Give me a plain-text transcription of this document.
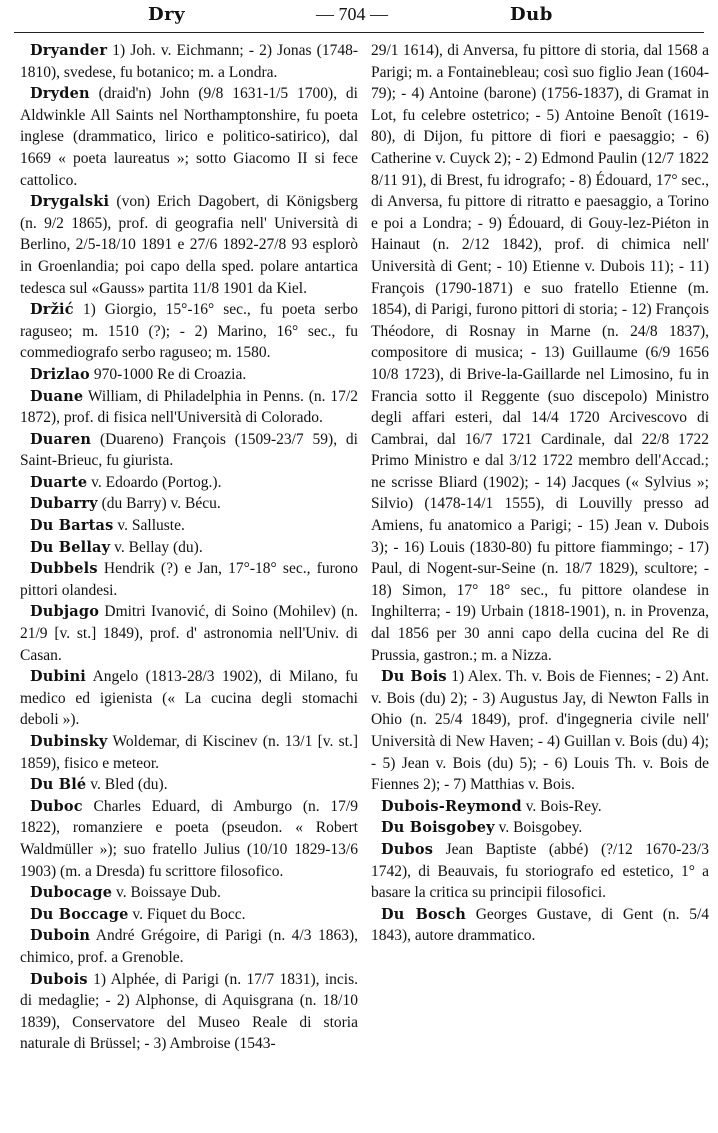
Dry	— 704 —	Dub

Dryander 1) Joh. v. Eichmann; - 2) Jonas (1748-1810), svedese, fu botanico; m. a Londra.

Dryden (draid'n) John (9/8 1631-1/5 1700), di Aldwinkle All Saints nel Northamptonshire, fu poeta inglese (drammatico, lirico e politico-satirico), dal 1669 « poeta laureatus »; sotto Giacomo II si fece cattolico.

Drygalski (von) Erich Dagobert, di Königsberg (n. 9/2 1865), prof. di geografia nell' Università di Berlino, 2/5-18/10 1891 e 27/6 1892-27/8 93 esplorò in Groenlandia; poi capo della sped. polare antartica tedesca sul «Gauss» partita 11/8 1901 da Kiel.

Držić 1) Giorgio, 15°-16° sec., fu poeta serbo raguseo; m. 1510 (?); - 2) Marino, 16° sec., fu commediografo serbo raguseo; m. 1580.

Drizlao 970-1000 Re di Croazia.

Duane William, di Philadelphia in Penns. (n. 17/2 1872), prof. di fisica nell'Università di Colorado.

Duaren (Duareno) François (1509-23/7 59), di Saint-Brieuc, fu giurista.

Duarte v. Edoardo (Portog.).

Dubarry (du Barry) v. Bécu.

Du Bartas v. Salluste.

Du Bellay v. Bellay (du).

Dubbels Hendrik (?) e Jan, 17°-18° sec., furono pittori olandesi.

Dubjago Dmitri Ivanović, di Soino (Mohilev) (n. 21/9 [v. st.] 1849), prof. d' astronomia nell'Univ. di Casan.

Dubini Angelo (1813-28/3 1902), di Milano, fu medico ed igienista (« La cucina degli stomachi deboli »).

Dubinsky Woldemar, di Kiscinev (n. 13/1 [v. st.] 1859), fisico e meteor.

Du Blé v. Bled (du).

Duboc Charles Eduard, di Amburgo (n. 17/9 1822), romanziere e poeta (pseudon. « Robert Waldmüller »); suo fratello Julius (10/10 1829-13/6 1903) (m. a Dresda) fu scrittore filosofico.

Dubocage v. Boissaye Dub.

Du Boccage v. Fiquet du Bocc.

Duboin André Grégoire, di Parigi (n. 4/3 1863), chimico, prof. a Grenoble.

Dubois 1) Alphée, di Parigi (n. 17/7 1831), incis. di medaglie; - 2) Alphonse, di Aquisgrana (n. 18/10 1839), Conservatore del Museo Reale di storia naturale di Brüssel; - 3) Ambroise (1543-

29/1 1614), di Anversa, fu pittore di storia, dal 1568 a Parigi; m. a Fontainebleau; così suo figlio Jean (1604-79); - 4) Antoine (barone) (1756-1837), di Gramat in Lot, fu celebre ostetrico; - 5) Antoine Benoît (1619-80), di Dijon, fu pittore di fiori e paesaggio; - 6) Catherine v. Cuyck 2); - 2) Edmond Paulin (12/7 1822 8/11 91), di Brest, fu idrografo; - 8) Édouard, 17° sec., di Anversa, fu pittore di ritratto e paesaggio, a Torino e poi a Londra; - 9) Édouard, di Gouy-lez-Piéton in Hainaut (n. 2/12 1842), prof. di chimica nell' Università di Gent; - 10) Etienne v. Dubois 11); - 11) François (1790-1871) e suo fratello Etienne (m. 1854), di Parigi, furono pittori di storia; - 12) François Théodore, di Rosnay in Marne (n. 24/8 1837), compositore di musica; - 13) Guillaume (6/9 1656 10/8 1723), di Brive-la-Gaillarde nel Limosino, fu in Francia sotto il Reggente (suo discepolo) Ministro degli affari esteri, dal 14/4 1720 Arcivescovo di Cambrai, dal 16/7 1721 Cardinale, dal 22/8 1722 Primo Ministro e dal 3/12 1722 membro dell'Accad.; ne scrisse Bliard (1902); - 14) Jacques (« Sylvius »; Silvio) (1478-14/1 1555), di Louvilly presso ad Amiens, fu anatomico a Parigi; - 15) Jean v. Dubois 3); - 16) Louis (1830-80) fu pittore fiammingo; - 17) Paul, di Nogent-sur-Seine (n. 18/7 1829), scultore; - 18) Simon, 17° 18° sec., fu pittore olandese in Inghilterra; - 19) Urbain (1818-1901), n. in Provenza, dal 1856 per 30 anni capo della cucina del Re di Prussia, gastron.; m. a Nizza.

Du Bois 1) Alex. Th. v. Bois de Fiennes; - 2) Ant. v. Bois (du) 2); - 3) Augustus Jay, di Newton Falls in Ohio (n. 25/4 1849), prof. d'ingegneria civile nell' Università di New Haven; - 4) Guillan v. Bois (du) 4); - 5) Jean v. Bois (du) 5); - 6) Louis Th. v. Bois de Fiennes 2); - 7) Matthias v. Bois.

Dubois-Reymond v. Bois-Rey.

Du Boisgobey v. Boisgobey.

Dubos Jean Baptiste (abbé) (?/12 1670-23/3 1742), di Beauvais, fu storiografo ed estetico, 1° a basare la critica su principii filosofici.

Du Bosch Georges Gustave, di Gent (n. 5/4 1843), autore drammatico.
